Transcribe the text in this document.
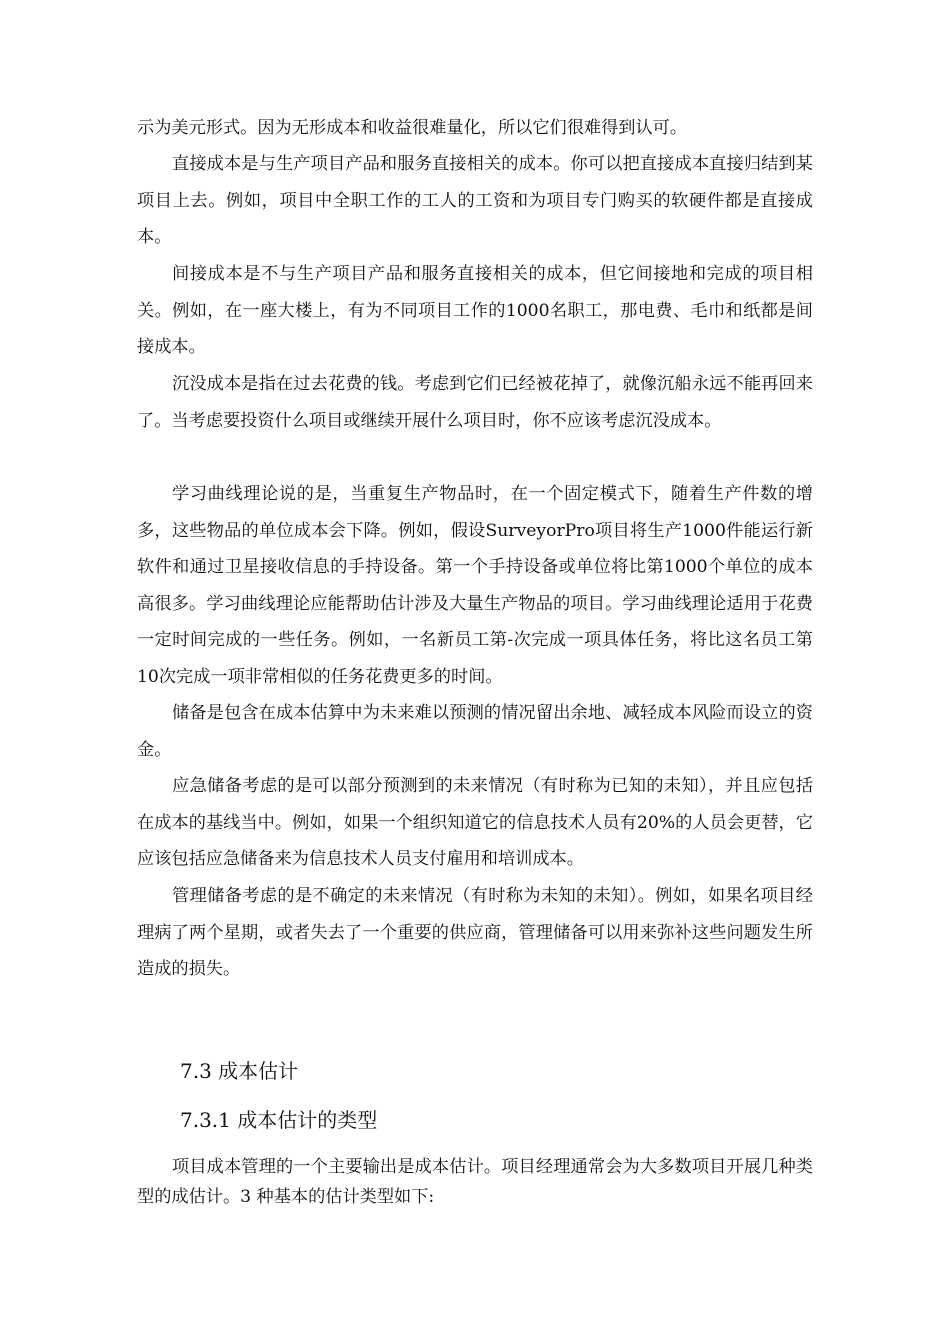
示为美元形式。因为无形成本和收益很难量化，所以它们很难得到认可。

直接成本是与生产项目产品和服务直接相关的成本。你可以把直接成本直接归结到某项目上去。例如，项目中全职工作的工人的工资和为项目专门购买的软硬件都是直接成本。

间接成本是不与生产项目产品和服务直接相关的成本，但它间接地和完成的项目相关。例如，在一座大楼上，有为不同项目工作的1000名职工，那电费、毛巾和纸都是间接成本。

沉没成本是指在过去花费的钱。考虑到它们已经被花掉了，就像沉船永远不能再回来了。当考虑要投资什么项目或继续开展什么项目时，你不应该考虑沉没成本。

学习曲线理论说的是，当重复生产物品时，在一个固定模式下，随着生产件数的增多，这些物品的单位成本会下降。例如，假设SurveyorPro项目将生产1000件能运行新软件和通过卫星接收信息的手持设备。第一个手持设备或单位将比第1000个单位的成本高很多。学习曲线理论应能帮助估计涉及大量生产物品的项目。学习曲线理论适用于花费一定时间完成的一些任务。例如，一名新员工第-次完成一项具体任务，将比这名员工第10次完成一项非常相似的任务花费更多的时间。

储备是包含在成本估算中为未来难以预测的情况留出余地、减轻成本风险而设立的资金。

应急储备考虑的是可以部分预测到的未来情况（有时称为已知的未知），并且应包括在成本的基线当中。例如，如果一个组织知道它的信息技术人员有20%的人员会更替，它应该包括应急储备来为信息技术人员支付雇用和培训成本。

管理储备考虑的是不确定的未来情况（有时称为未知的未知）。例如，如果名项目经理病了两个星期，或者失去了一个重要的供应商，管理储备可以用来弥补这些问题发生所造成的损失。

7.3 成本估计
7.3.1 成本估计的类型

项目成本管理的一个主要输出是成本估计。项目经理通常会为大多数项目开展几种类型的成估计。3 种基本的估计类型如下:
